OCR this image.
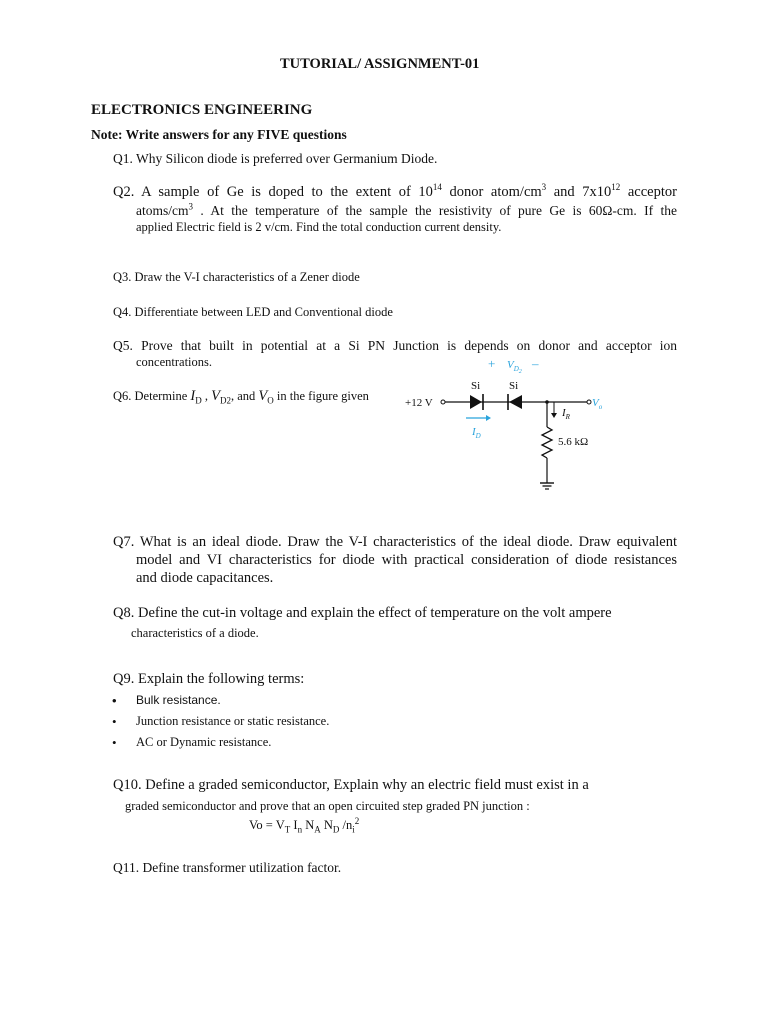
TUTORIAL/ ASSIGNMENT-01
ELECTRONICS ENGINEERING
Note: Write answers for any FIVE questions
Q1. Why Silicon diode is preferred over Germanium Diode.
Q2. A sample of Ge is doped to the extent of $10^{14}$ donor atom/$cm^3$ and $7x10^{12}$ acceptor
atoms/$cm^3$ . At the temperature of the sample the resistivity of pure Ge is 60Ω-cm. If the
applied Electric field is 2 v/cm. Find the total conduction current density.
Q3. Draw the V-I characteristics of a Zener diode
Q4. Differentiate between LED and Conventional diode
Q5. Prove that built in potential at a Si PN Junction is depends on donor and acceptor ion
concentrations.
Q6. Determine $I_D$ , $V_{D2}$, and $V_O$ in the figure given
+ $V_D2$
–
Si	Si
+12 V
$I_D$
$V_o$
$I_R$
5.6 kΩ
Q7. What is an ideal diode. Draw the V-I characteristics of the ideal diode. Draw equivalent
model and VI characteristics for diode with practical consideration of diode resistances
and diode capacitances.
Q8. Define the cut-in voltage and explain the effect of temperature on the volt ampere
characteristics of a diode.
Q9. Explain the following terms:
• Bulk resistance.
• Junction resistance or static resistance.
• AC or Dynamic resistance.
Q10. Define a graded semiconductor, Explain why an electric field must exist in a
graded semiconductor and prove that an open circuited step graded PN junction :
$Vo = V_T$ $I_n$ $N_A$ $N_D$ $/n_i^2$
Q11. Define transformer utilization factor.
